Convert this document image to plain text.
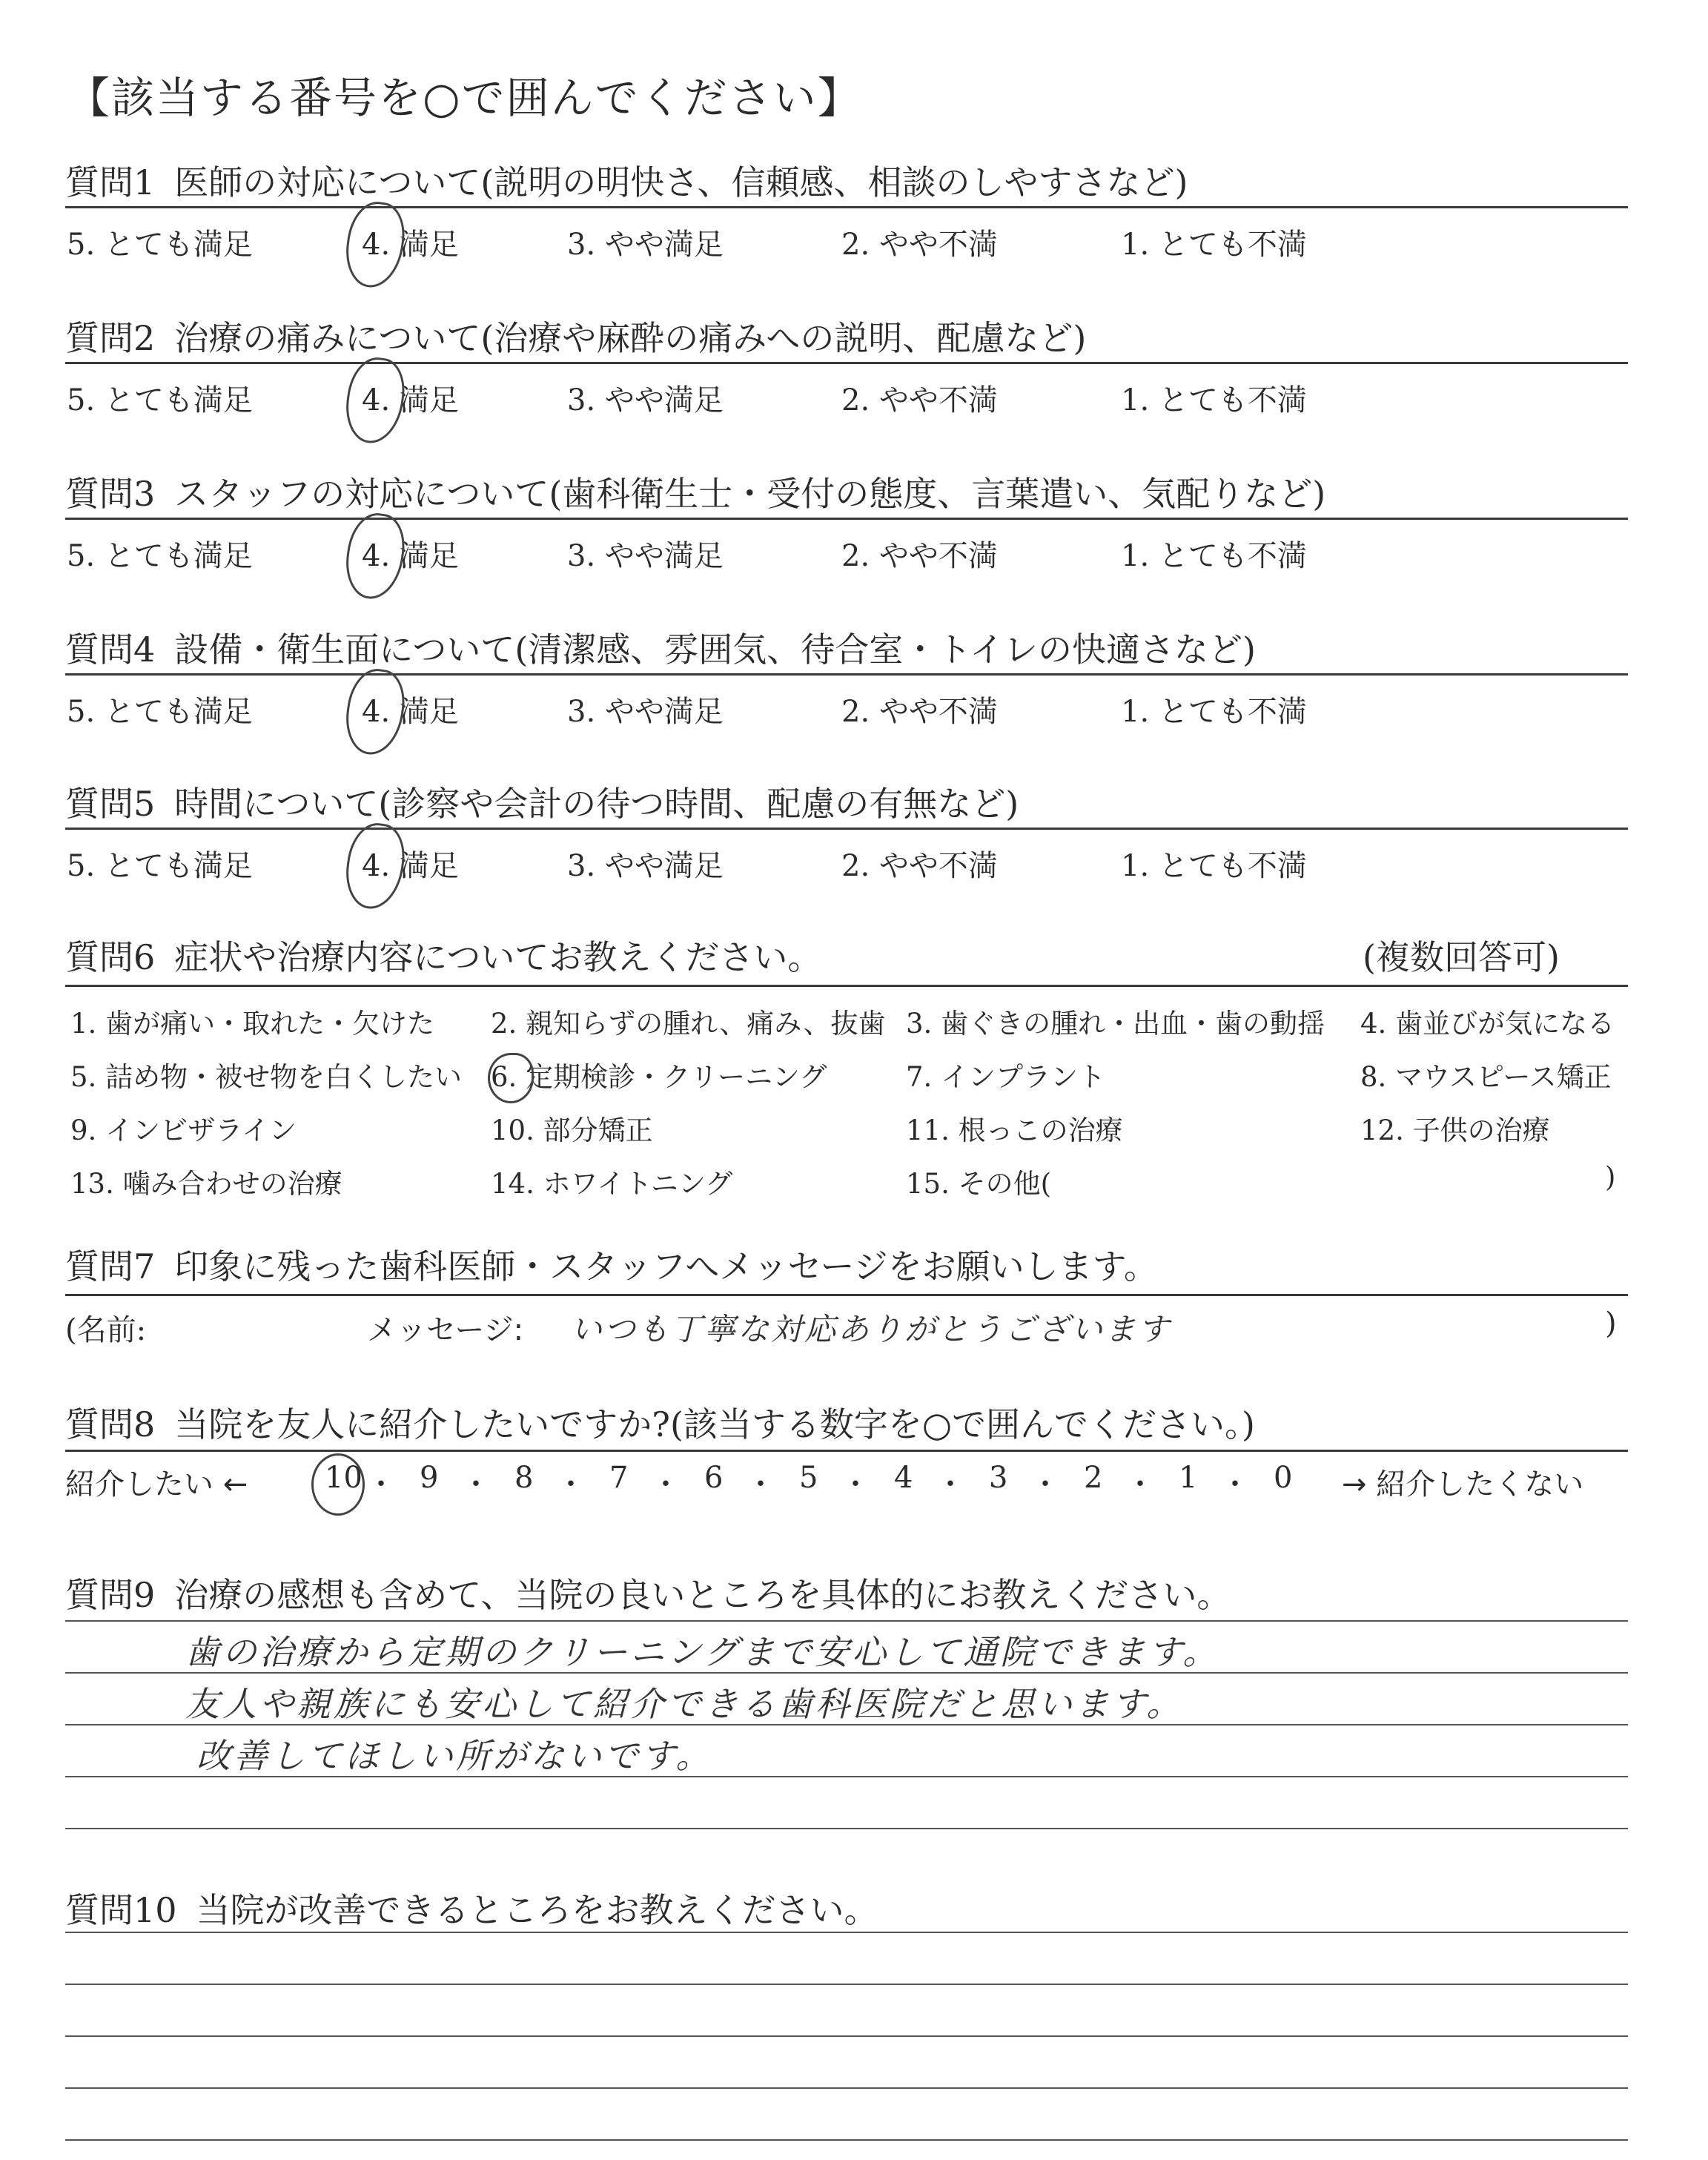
【該当する番号を○で囲んでください】
質問1 医師の対応について(説明の明快さ、信頼感、相談のしやすさなど)
5. とても満足	4. 満足	3. やや満足	2. やや不満	1. とても不満
質問2 治療の痛みについて(治療や麻酔の痛みへの説明、配慮など)
5. とても満足	4. 満足	3. やや満足	2. やや不満	1. とても不満
質問3 スタッフの対応について(歯科衛生士・受付の態度、言葉遣い、気配りなど)
5. とても満足	4. 満足	3. やや満足	2. やや不満	1. とても不満
質問4 設備・衛生面について(清潔感、雰囲気、待合室・トイレの快適さなど)
5. とても満足	4. 満足	3. やや満足	2. やや不満	1. とても不満
質問5 時間について(診察や会計の待つ時間、配慮の有無など)
5. とても満足	4. 満足	3. やや満足	2. やや不満	1. とても不満
質問6 症状や治療内容についてお教えください。	(複数回答可)
1. 歯が痛い・取れた・欠けた 2. 親知らずの腫れ、痛み、抜歯 3. 歯ぐきの腫れ・出血・歯の動揺 4. 歯並びが気になる
5. 詰め物・被せ物を白くしたい 6. 定期検診・クリーニング	7. インプラント	8. マウスピース矯正
9. インビザライン	10. 部分矯正	11. 根っこの治療	12. 子供の治療
13. 噛み合わせの治療	14. ホワイトニング	15. その他(	)
質問7 印象に残った歯科医師・スタッフへメッセージをお願いします。
(名前:	メッセージ: いつも丁寧な対応ありがとうございます	)
質問8 当院を友人に紹介したいですか?(該当する数字を○で囲んでください。)
紹介したい ←	→ 紹介したくない
10 ・ 9 ・ 8 ・ 7 ・ 6 ・ 5 ・ 4 ・ 3 ・ 2 ・ 1 ・ 0
質問9 治療の感想も含めて、当院の良いところを具体的にお教えください。
歯の治療から定期のクリーニングまで安心して通院できます。
友人や親族にも安心して紹介できる歯科医院だと思います。
改善してほしい所がないです。
質問10 当院が改善できるところをお教えください。
